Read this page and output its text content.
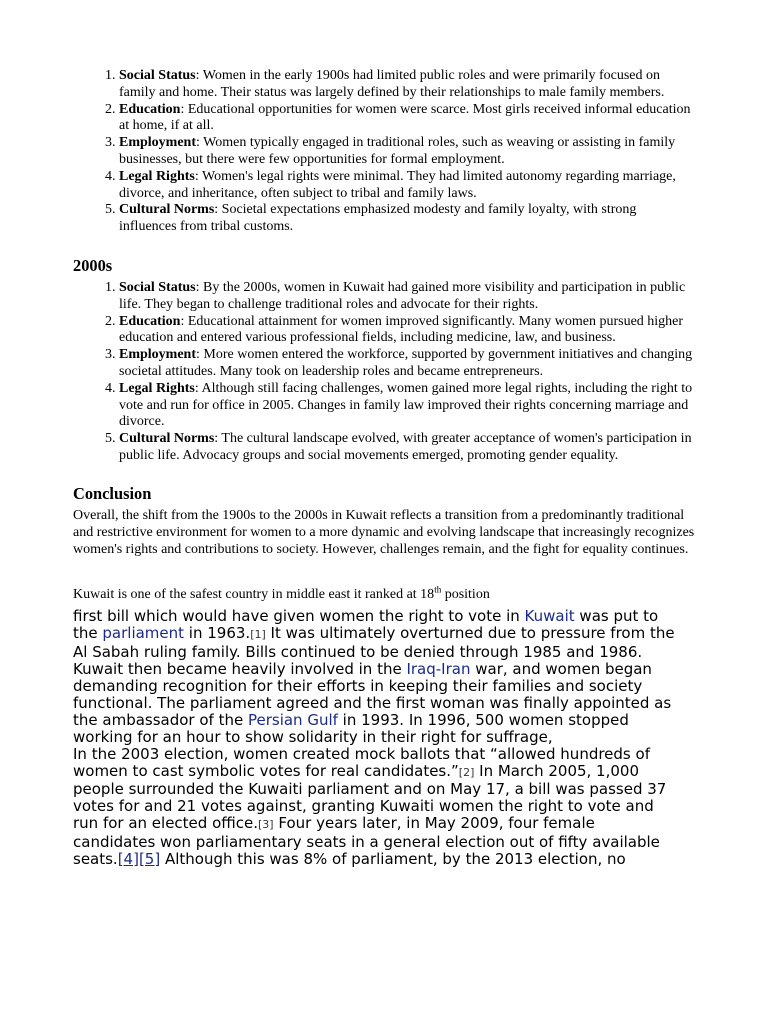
1. Social Status: Women in the early 1900s had limited public roles and were primarily focused on family and home. Their status was largely defined by their relationships to male family members.
2. Education: Educational opportunities for women were scarce. Most girls received informal education at home, if at all.
3. Employment: Women typically engaged in traditional roles, such as weaving or assisting in family businesses, but there were few opportunities for formal employment.
4. Legal Rights: Women's legal rights were minimal. They had limited autonomy regarding marriage, divorce, and inheritance, often subject to tribal and family laws.
5. Cultural Norms: Societal expectations emphasized modesty and family loyalty, with strong influences from tribal customs.
2000s
1. Social Status: By the 2000s, women in Kuwait had gained more visibility and participation in public life. They began to challenge traditional roles and advocate for their rights.
2. Education: Educational attainment for women improved significantly. Many women pursued higher education and entered various professional fields, including medicine, law, and business.
3. Employment: More women entered the workforce, supported by government initiatives and changing societal attitudes. Many took on leadership roles and became entrepreneurs.
4. Legal Rights: Although still facing challenges, women gained more legal rights, including the right to vote and run for office in 2005. Changes in family law improved their rights concerning marriage and divorce.
5. Cultural Norms: The cultural landscape evolved, with greater acceptance of women's participation in public life. Advocacy groups and social movements emerged, promoting gender equality.
Conclusion

Overall, the shift from the 1900s to the 2000s in Kuwait reflects a transition from a predominantly traditional and restrictive environment for women to a more dynamic and evolving landscape that increasingly recognizes women's rights and contributions to society. However, challenges remain, and the fight for equality continues.

Kuwait is one of the safest country in middle east it ranked at 18th position

first bill which would have given women the right to vote in Kuwait was put to
the parliament in 1963.[1] It was ultimately overturned due to pressure from the
Al Sabah ruling family. Bills continued to be denied through 1985 and 1986.
Kuwait then became heavily involved in the Iraq-Iran war, and women began
demanding recognition for their efforts in keeping their families and society
functional. The parliament agreed and the first woman was finally appointed as
the ambassador of the Persian Gulf in 1993. In 1996, 500 women stopped
working for an hour to show solidarity in their right for suffrage,
In the 2003 election, women created mock ballots that “allowed hundreds of
women to cast symbolic votes for real candidates.”[2] In March 2005, 1,000
people surrounded the Kuwaiti parliament and on May 17, a bill was passed 37
votes for and 21 votes against, granting Kuwaiti women the right to vote and
run for an elected office.[3] Four years later, in May 2009, four female
candidates won parliamentary seats in a general election out of fifty available
seats.[4][5] Although this was 8% of parliament, by the 2013 election, no
